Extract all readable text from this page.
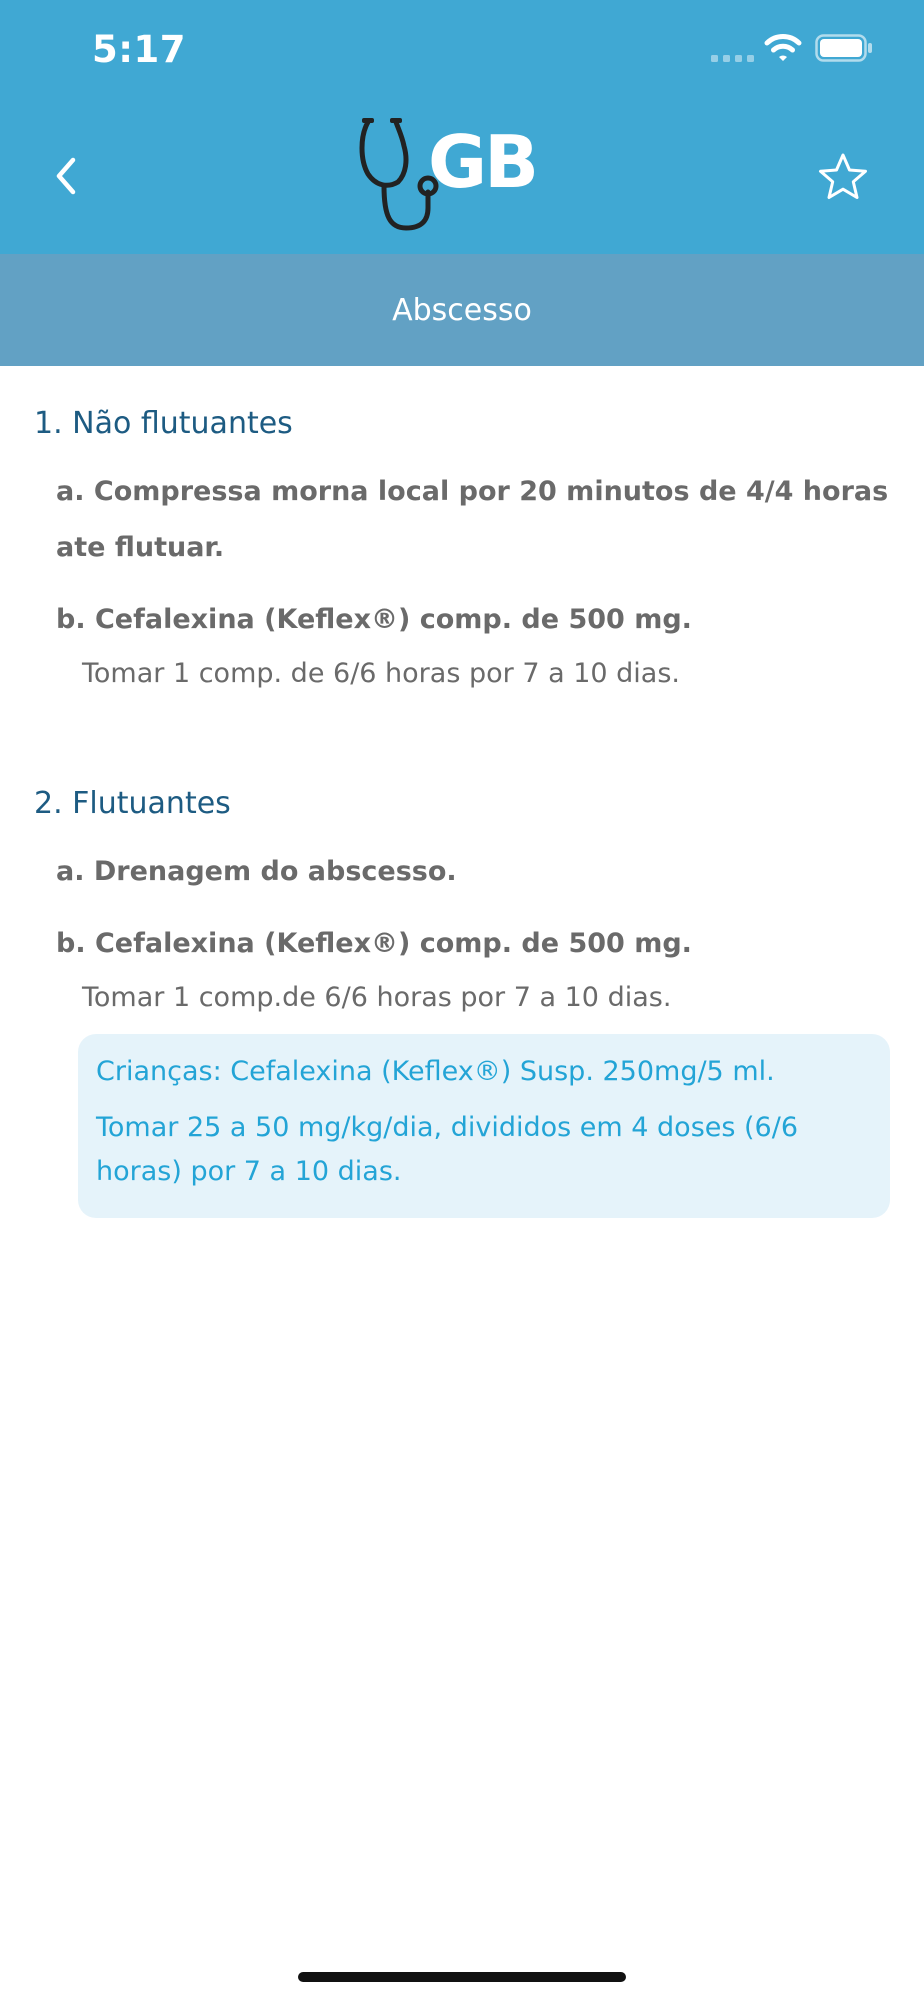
5:17
GB
Abscesso
1. Não flutuantes
a. Compressa morna local por 20 minutos de 4/4 horas
ate flutuar.
b. Cefalexina (Keflex®) comp. de 500 mg.
Tomar 1 comp. de 6/6 horas por 7 a 10 dias.
2. Flutuantes
a. Drenagem do abscesso.
b. Cefalexina (Keflex®) comp. de 500 mg.
Tomar 1 comp.de 6/6 horas por 7 a 10 dias.
Crianças: Cefalexina (Keflex®) Susp. 250mg/5 ml.
Tomar 25 a 50 mg/kg/dia, divididos em 4 doses (6/6
horas) por 7 a 10 dias.
